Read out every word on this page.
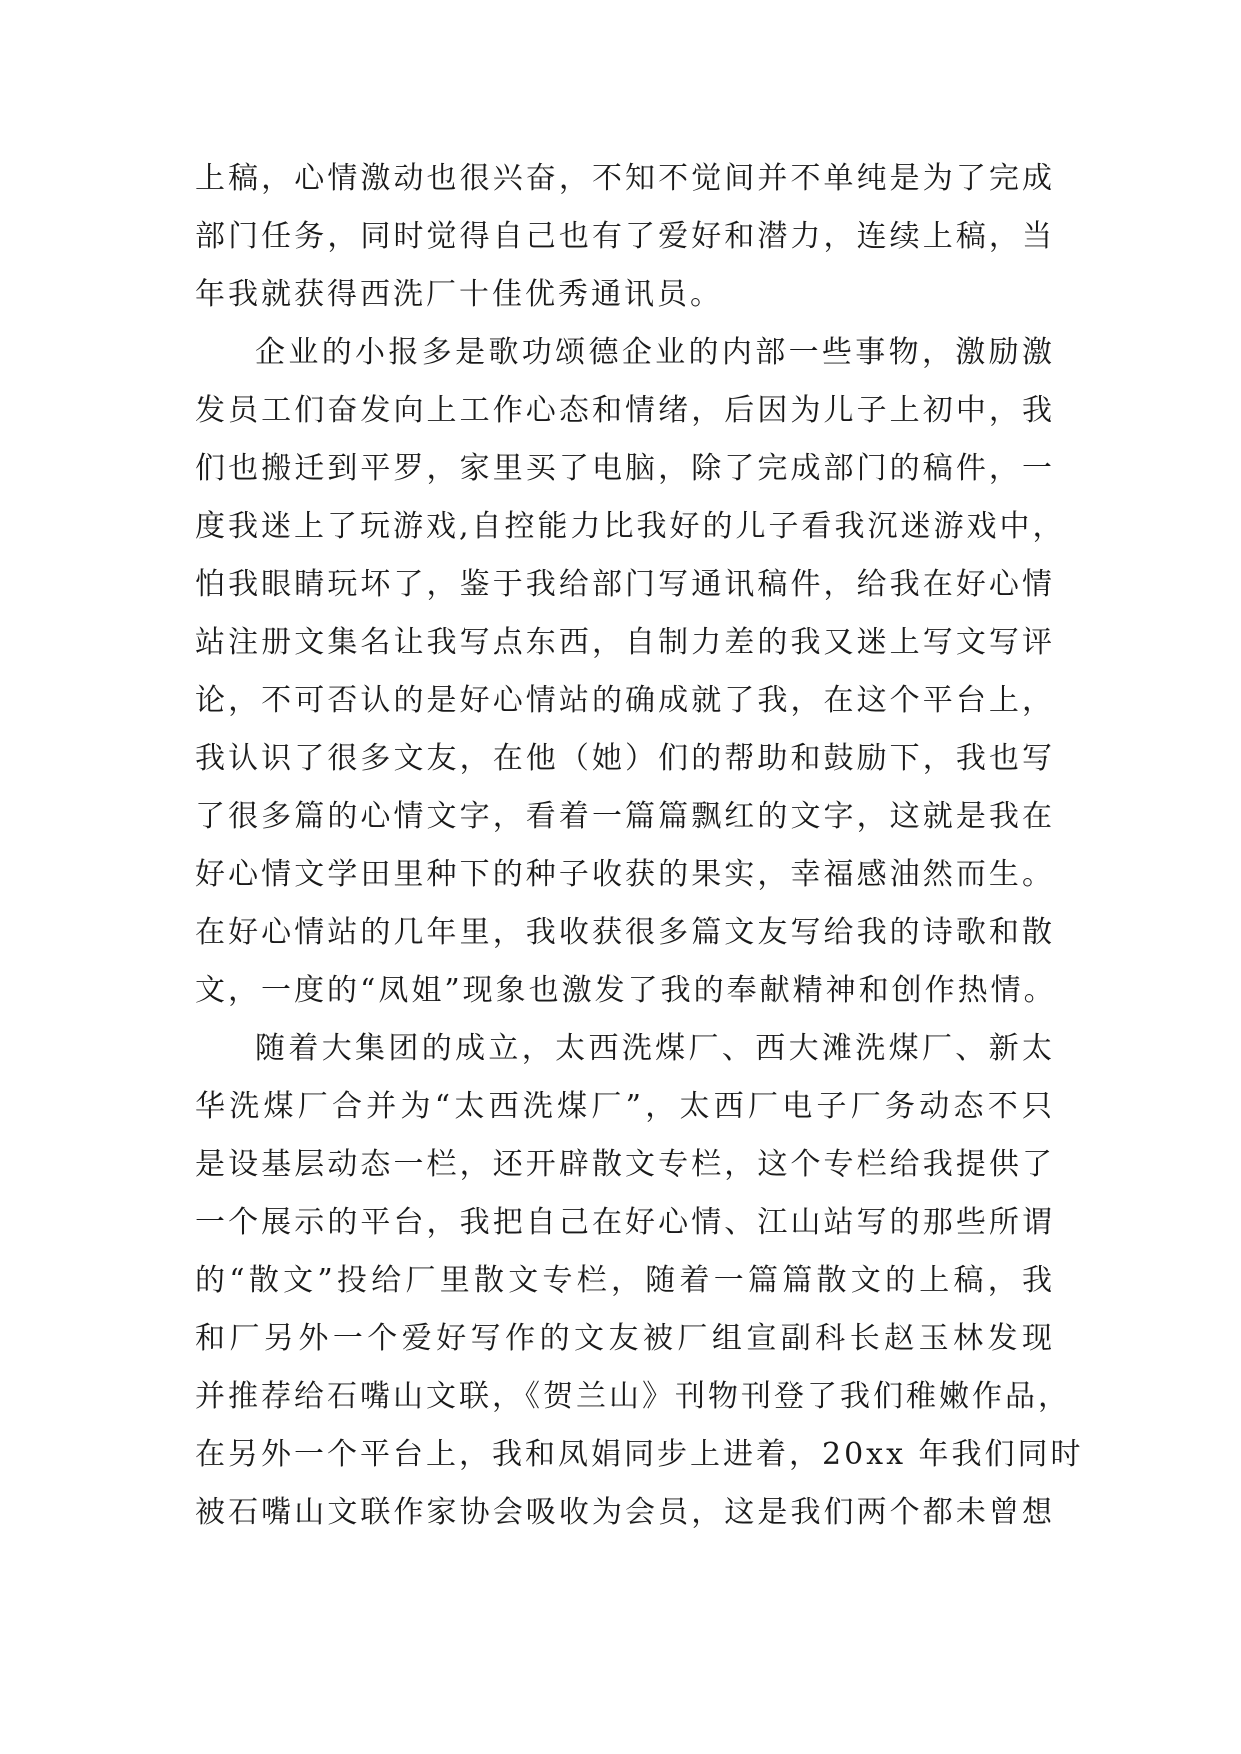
上稿，心情激动也很兴奋，不知不觉间并不单纯是为了完成
部门任务，同时觉得自己也有了爱好和潜力，连续上稿，当
年我就获得西洗厂十佳优秀通讯员。
企业的小报多是歌功颂德企业的内部一些事物，激励激
发员工们奋发向上工作心态和情绪，后因为儿子上初中，我
们也搬迁到平罗，家里买了电脑，除了完成部门的稿件，一
度我迷上了玩游戏,自控能力比我好的儿子看我沉迷游戏中，
怕我眼睛玩坏了，鉴于我给部门写通讯稿件，给我在好心情
站注册文集名让我写点东西，自制力差的我又迷上写文写评
论，不可否认的是好心情站的确成就了我，在这个平台上，
我认识了很多文友，在他（她）们的帮助和鼓励下，我也写
了很多篇的心情文字，看着一篇篇飘红的文字，这就是我在
好心情文学田里种下的种子收获的果实，幸福感油然而生。
在好心情站的几年里，我收获很多篇文友写给我的诗歌和散
文，一度的“凤姐”现象也激发了我的奉献精神和创作热情。
随着大集团的成立，太西洗煤厂、西大滩洗煤厂、新太
华洗煤厂合并为“太西洗煤厂”，太西厂电子厂务动态不只
是设基层动态一栏，还开辟散文专栏，这个专栏给我提供了
一个展示的平台，我把自己在好心情、江山站写的那些所谓
的“散文”投给厂里散文专栏，随着一篇篇散文的上稿，我
和厂另外一个爱好写作的文友被厂组宣副科长赵玉林发现
并推荐给石嘴山文联，《贺兰山》刊物刊登了我们稚嫩作品，
在另外一个平台上，我和凤娟同步上进着，20xx 年我们同时
被石嘴山文联作家协会吸收为会员，这是我们两个都未曾想
